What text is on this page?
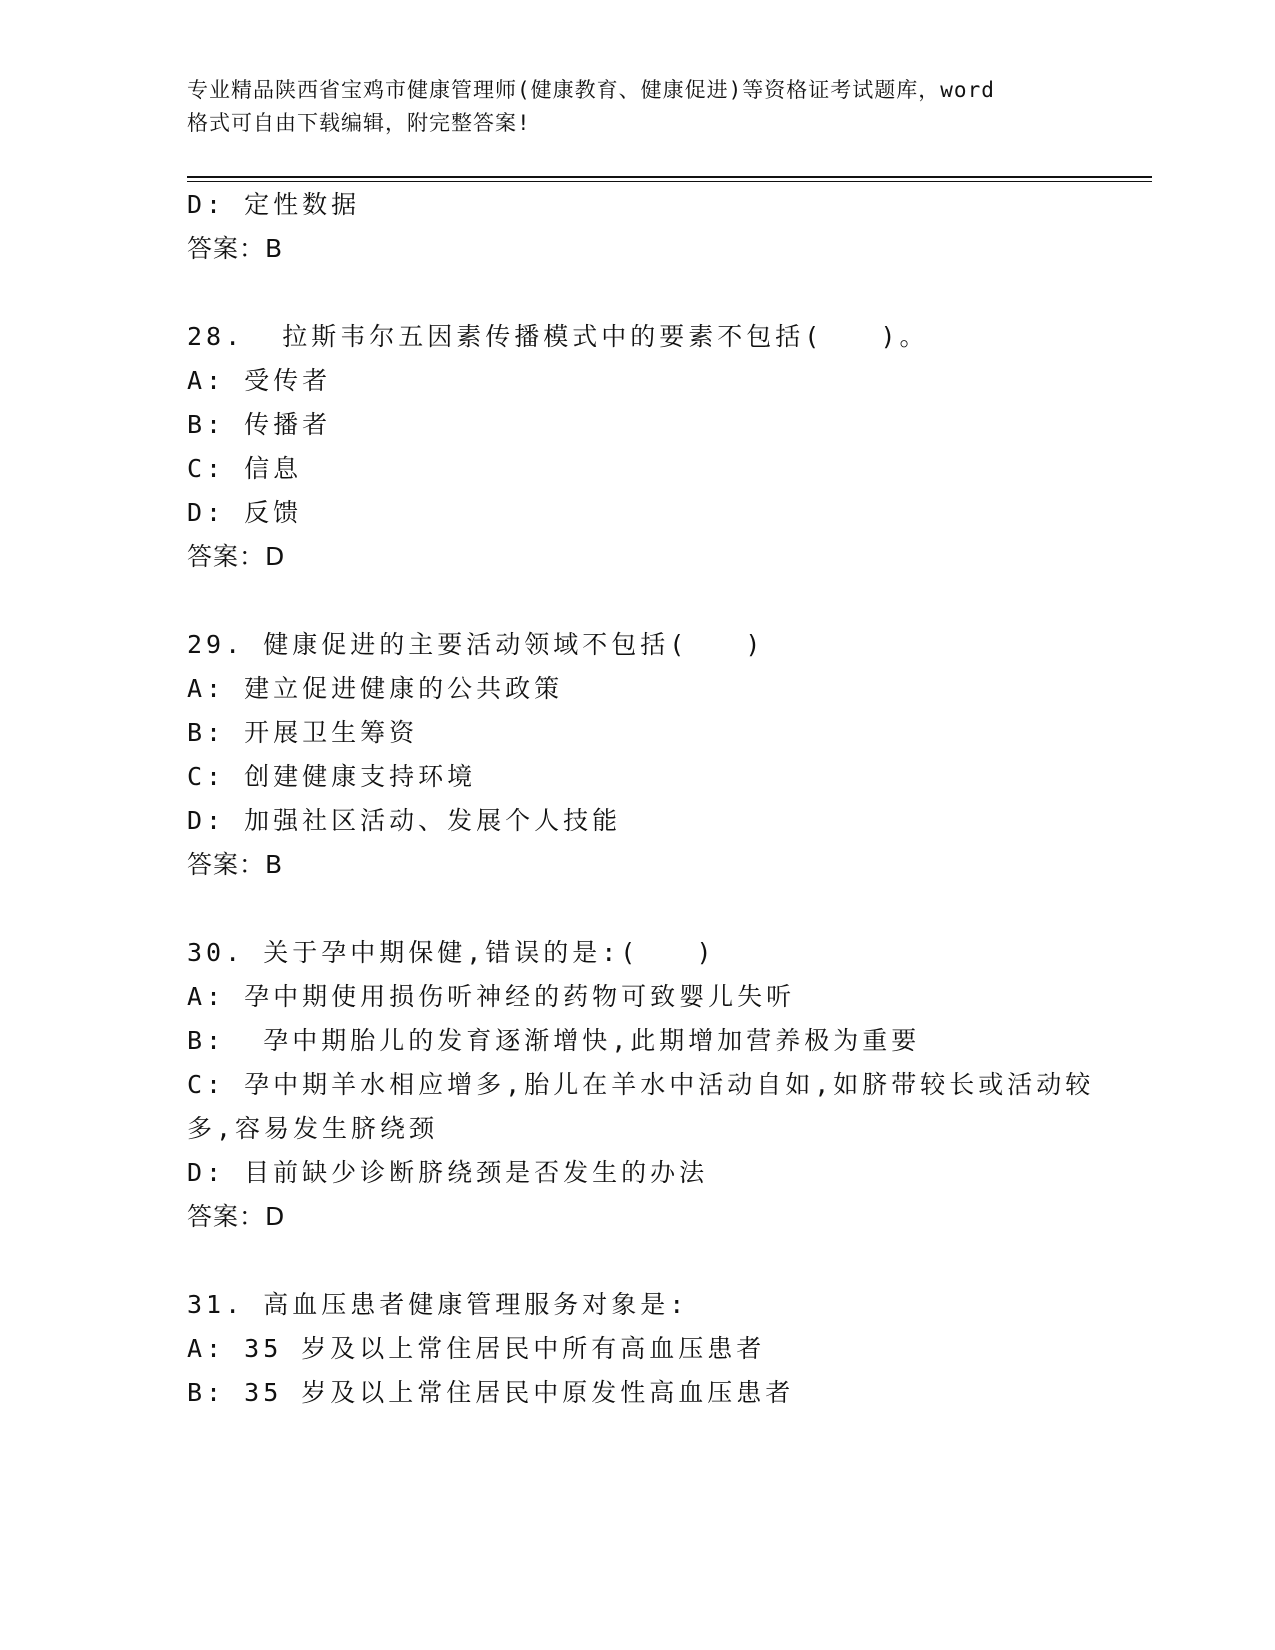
专业精品陕西省宝鸡市健康管理师(健康教育、健康促进)等资格证考试题库，word
格式可自由下载编辑，附完整答案!
D: 定性数据
答案：B
28.  拉斯韦尔五因素传播模式中的要素不包括(   )。
A: 受传者
B: 传播者
C: 信息
D: 反馈
答案：D
29. 健康促进的主要活动领域不包括(   )
A: 建立促进健康的公共政策
B: 开展卫生筹资
C: 创建健康支持环境
D: 加强社区活动、发展个人技能
答案：B
30. 关于孕中期保健,错误的是:(   )
A: 孕中期使用损伤听神经的药物可致婴儿失听
B:  孕中期胎儿的发育逐渐增快,此期增加营养极为重要
C: 孕中期羊水相应增多,胎儿在羊水中活动自如,如脐带较长或活动较
多,容易发生脐绕颈
D: 目前缺少诊断脐绕颈是否发生的办法
答案：D
31. 高血压患者健康管理服务对象是:
A: 35 岁及以上常住居民中所有高血压患者
B: 35 岁及以上常住居民中原发性高血压患者
